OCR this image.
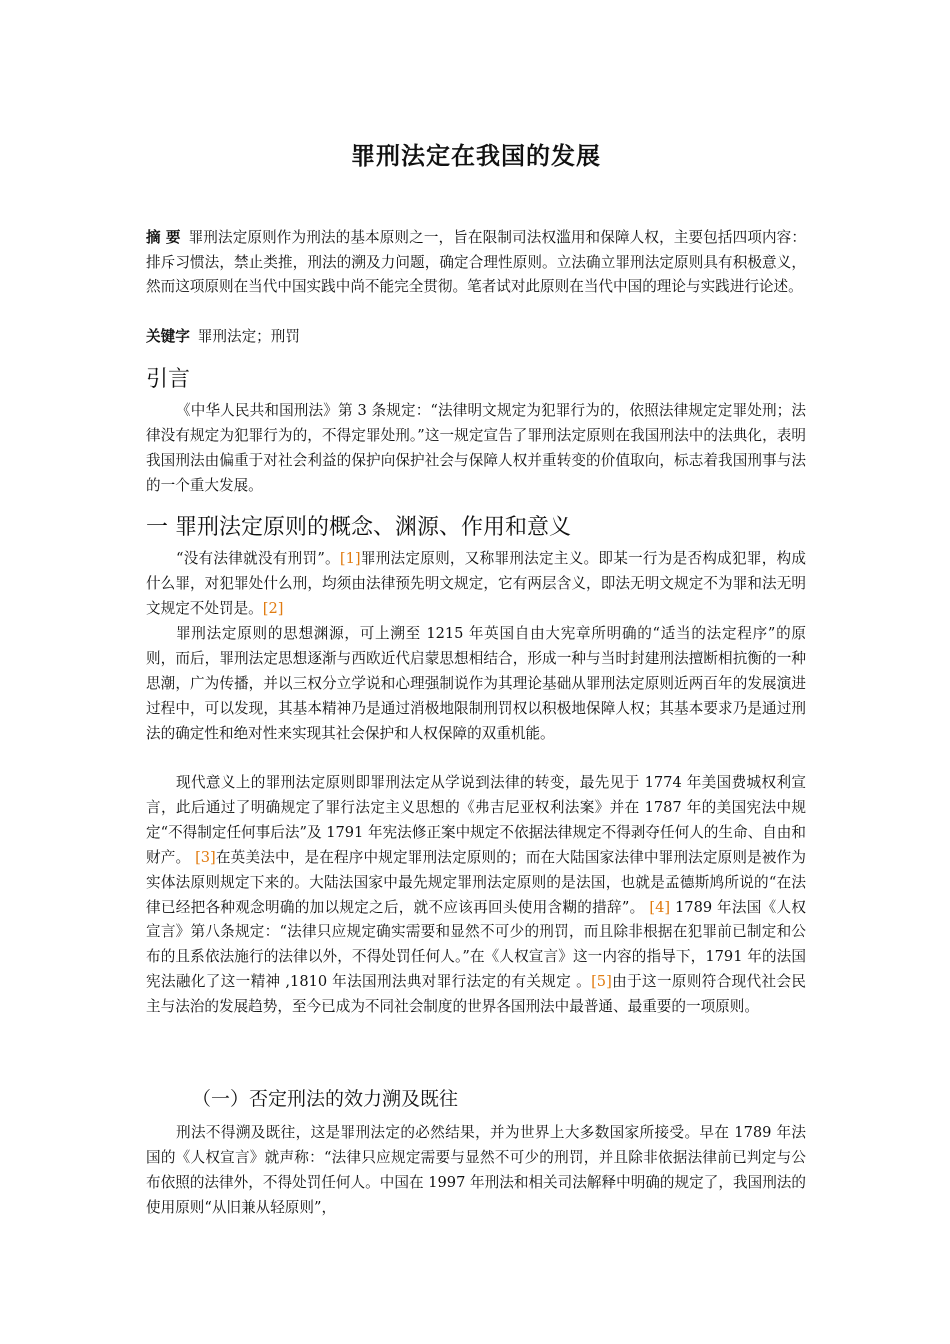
罪刑法定在我国的发展

摘 要 罪刑法定原则作为刑法的基本原则之一，旨在限制司法权滥用和保障人权，主要包括四项内容：排斥习惯法，禁止类推，刑法的溯及力问题，确定合理性原则。立法确立罪刑法定原则具有积极意义，然而这项原则在当代中国实践中尚不能完全贯彻。笔者试对此原则在当代中国的理论与实践进行论述。

关键字 罪刑法定；刑罚

引言

《中华人民共和国刑法》第 3 条规定：“法律明文规定为犯罪行为的，依照法律规定定罪处刑；法律没有规定为犯罪行为的，不得定罪处刑。”这一规定宣告了罪刑法定原则在我国刑法中的法典化，表明我国刑法由偏重于对社会利益的保护向保护社会与保障人权并重转变的价值取向，标志着我国刑事与法的一个重大发展。

一 罪刑法定原则的概念、渊源、作用和意义

“没有法律就没有刑罚”。[1]罪刑法定原则，又称罪刑法定主义。即某一行为是否构成犯罪，构成什么罪，对犯罪处什么刑，均须由法律预先明文规定，它有两层含义，即法无明文规定不为罪和法无明文规定不处罚是。[2]

罪刑法定原则的思想渊源，可上溯至 1215 年英国自由大宪章所明确的“适当的法定程序”的原则，而后，罪刑法定思想逐渐与西欧近代启蒙思想相结合，形成一种与当时封建刑法擅断相抗衡的一种思潮，广为传播，并以三权分立学说和心理强制说作为其理论基础从罪刑法定原则近两百年的发展演进过程中，可以发现，其基本精神乃是通过消极地限制刑罚权以积极地保障人权；其基本要求乃是通过刑法的确定性和绝对性来实现其社会保护和人权保障的双重机能。

现代意义上的罪刑法定原则即罪刑法定从学说到法律的转变，最先见于 1774 年美国费城权利宣言，此后通过了明确规定了罪行法定主义思想的《弗吉尼亚权利法案》并在 1787 年的美国宪法中规定“不得制定任何事后法”及 1791 年宪法修正案中规定不依据法律规定不得剥夺任何人的生命、自由和财产。 [3]在英美法中，是在程序中规定罪刑法定原则的；而在大陆国家法律中罪刑法定原则是被作为实体法原则规定下来的。大陆法国家中最先规定罪刑法定原则的是法国，也就是孟德斯鸠所说的“在法律已经把各种观念明确的加以规定之后，就不应该再回头使用含糊的措辞”。 [4] 1789 年法国《人权宣言》第八条规定：“法律只应规定确实需要和显然不可少的刑罚，而且除非根据在犯罪前已制定和公布的且系依法施行的法律以外，不得处罚任何人。”在《人权宣言》这一内容的指导下，1791 年的法国宪法融化了这一精神 ,1810 年法国刑法典对罪行法定的有关规定 。[5]由于这一原则符合现代社会民主与法治的发展趋势，至今已成为不同社会制度的世界各国刑法中最普通、最重要的一项原则。

（一）否定刑法的效力溯及既往

刑法不得溯及既往，这是罪刑法定的必然结果，并为世界上大多数国家所接受。早在 1789 年法国的《人权宣言》就声称：“法律只应规定需要与显然不可少的刑罚，并且除非依据法律前已判定与公布依照的法律外，不得处罚任何人。中国在 1997 年刑法和相关司法解释中明确的规定了，我国刑法的使用原则“从旧兼从轻原则”，
